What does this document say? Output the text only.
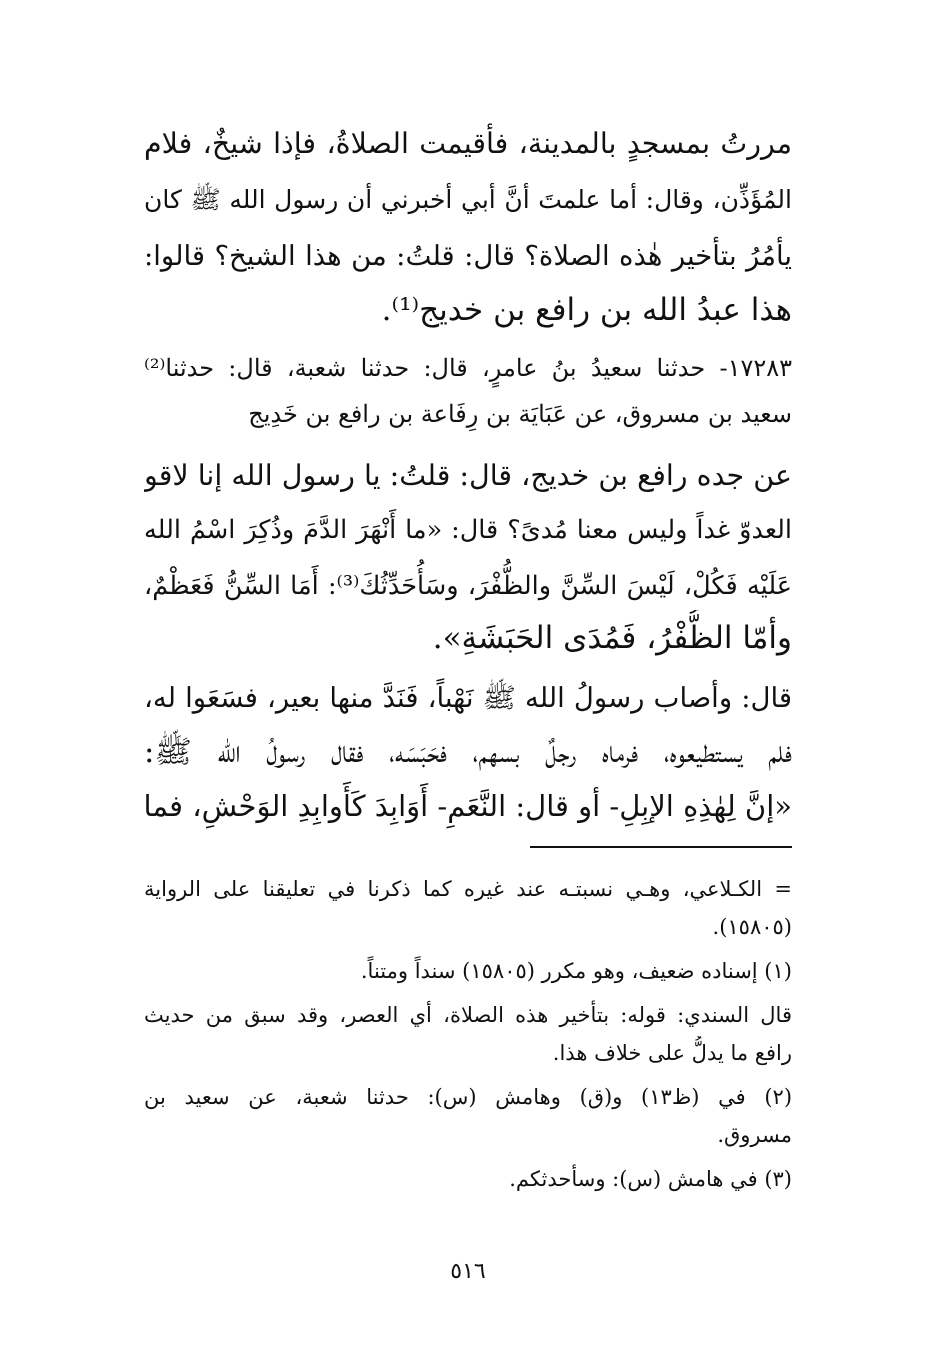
مررتُ بمسجدٍ بالمدينة، فأقيمت الصلاةُ، فإذا شيخٌ، فلام
المُؤَذِّن، وقال: أما علمتَ أنَّ أبي أخبرني أن رسول الله ﷺ كان
يأمُرُ بتأخير هٰذه الصلاة؟ قال: قلتُ: من هذا الشيخ؟ قالوا:
هذا عبدُ الله بن رافع بن خديج⁽¹⁾.
١٧٢٨٣- حدثنا سعيدُ بنُ عامرٍ، قال: حدثنا شعبة، قال: حدثنا⁽²⁾
سعيد بن مسروق، عن عَبَايَة بن رِفَاعة بن رافع بن خَدِيج
عن جده رافع بن خديج، قال: قلتُ: يا رسول الله إنا لاقو
العدوّ غداً وليس معنا مُدىً؟ قال: «ما أَنْهَرَ الدَّمَ وذُكِرَ اسْمُ الله
عَلَيْه فَكُلْ، لَيْسَ السِّنَّ والظُّفْرَ، وسَأُحَدِّثُكَ⁽³⁾: أَمَا السِّنُّ فَعَظْمٌ،
وأمّا الظُّفْرُ، فَمُدَى الحَبَشَةِ».
قال: وأصاب رسولُ الله ﷺ نَهْباً، فَنَدَّ منها بعير، فسَعَوا له،
فلم يستطيعوه، فرماه رجلٌ بسهم، فحَبَسَه، فقال رسولُ الله ﷺ:
«إنَّ لِهٰذِهِ الإبِلِ- أو قال: النَّعَمِ- أَوَابِدَ كَأَوابِدِ الوَحْشِ، فما
= الكـلاعي، وهـي نسبتـه عند غيره كما ذكرنا في تعليقنا على الرواية
(١٥٨٠٥).
(١) إسناده ضعيف، وهو مكرر (١٥٨٠٥) سنداً ومتناً.
قال السندي: قوله: بتأخير هذه الصلاة، أي العصر، وقد سبق من حديث
رافع ما يدلُّ على خلاف هذا.
(٢) في (ظ١٣) و(ق) وهامش (س): حدثنا شعبة، عن سعيد بن
مسروق.
(٣) في هامش (س): وسأحدثكم.
٥١٦
